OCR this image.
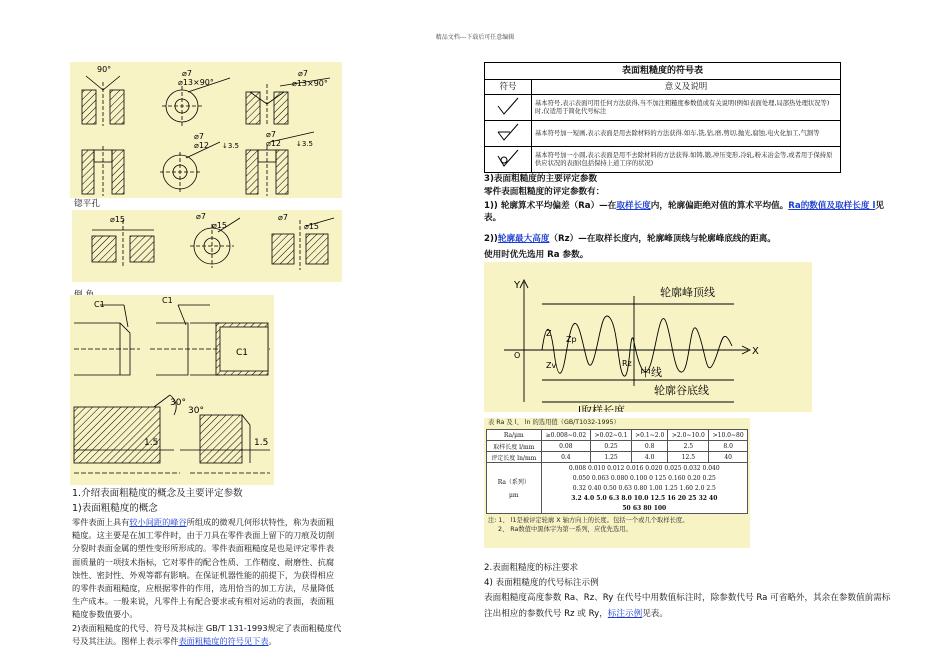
精品文档---下载后可任意编辑
90°	⌀7
⌀13×90°
⌀7
⌀13×90°
⌀7
⌀12 ↓3.5
⌀7
⌀12 ↓3.5
锪平孔
⌀15	⌀7
⌀15
⌀7
⌀15
C1	C1
C1
30°
30°
1.5	1.5
1.介绍表面粗糙度的概念及主要评定参数
1)表面粗糙度的概念
零件表面上具有较小间距的峰谷所组成的微观几何形状特性，称为表面粗糙度。这主要是在加工零件时，由于刀具在零件表面上留下的刀痕及切削分裂时表面金属的塑性变形所形成的。零件表面粗糙度是也是评定零件表面质量的一项技术指标，它对零件的配合性质、工作精度、耐磨性、抗腐蚀性、密封性、外观等都有影响。在保证机器性能的前提下，为获得相应的零件表面粗糙度，应根据零件的作用，选用恰当的加工方法，尽量降低生产成本。一般来说，凡零件上有配合要求或有相对运动的表面，表面粗糙度参数值要小。
2)表面粗糙度的代号、符号及其标注 GB/T 131-1993规定了表面粗糙度代号及其注法。图样上表示零件表面粗糙度的符号见下表。
表面粗糙度的符号表	
符号	意义及说明
	基本符号,表示表面可用任何方法获得,当不加注粗糙度参数值或有关说明(例如表面处理,局部热处理状况等)时,仅适用于简化代号标注
	基本符号加一短画,表示表面是用去除材料的方法获得.如车,铣,钻,磨,剪切,抛光,腐蚀,电火化加工,气割等
	基本符号加一小圆,表示表面是用不去除材料的方法获得.如铸,锻,冲压变形,冷轧,粉末冶金等,或者用于保持原供应状况的表面(包括保持上道工序的状况)
3)表面粗糙度的主要评定参数
零件表面粗糙度的评定参数有：
1)) 轮廓算术平均偏差（Ra）—在取样长度内，轮廓偏距绝对值的算术平均值。Ra的数值及取样长度 l见表。
2))轮廓最大高度（Rz）—在取样长度内，轮廓峰顶线与轮廓峰底线的距离。
使用时优先选用 Ra 参数。
Y
X
O
轮廓峰顶线
中线
轮廓谷底线
l取样长度
Z
Zp
Zv	Rz
表 Ra 及 l、 ln 的选用值（GB/T1032-1995）
Ra/μm	≥0.008~0.02	>0.02~0.1	>0.1~2.0	>2.0~10.0	>10.0~80
取样长度 l/mm	0.08	0.25	0.8	2.5	8.0
评定长度 ln/mm	0.4	1.25	4.0	12.5	40

Ra（系列）
μm	0.008 0.010 0.012 0.016 0.020 0.025 0.032 0.040				
	0.050 0.063 0.080 0.100 0 125 0.160 0.20 0.25				
	0.32 0.40 0.50 0.63 0.80 1.00 1.25 1.60 2.0 2.5				
	3.2 4.0 5.0 6.3 8.0 10.0 12.5 16 20 25 32 40				
	50 63 80 100				
注: 1、 l1是被评定轮廓 X 轴方向上的长度。包括一个或几个取样长度。
2、 Ra数值中黑体字为第一系列，应优先选用。
2.表面粗糙度的标注要求
4) 表面粗糙度的代号标注示例
表面粗糙度高度参数 Ra、Rz、Ry 在代号中用数值标注时，除参数代号 Ra 可省略外，其余在参数值前需标注出相应的参数代号 Rz 或 Ry，标注示例见表。
